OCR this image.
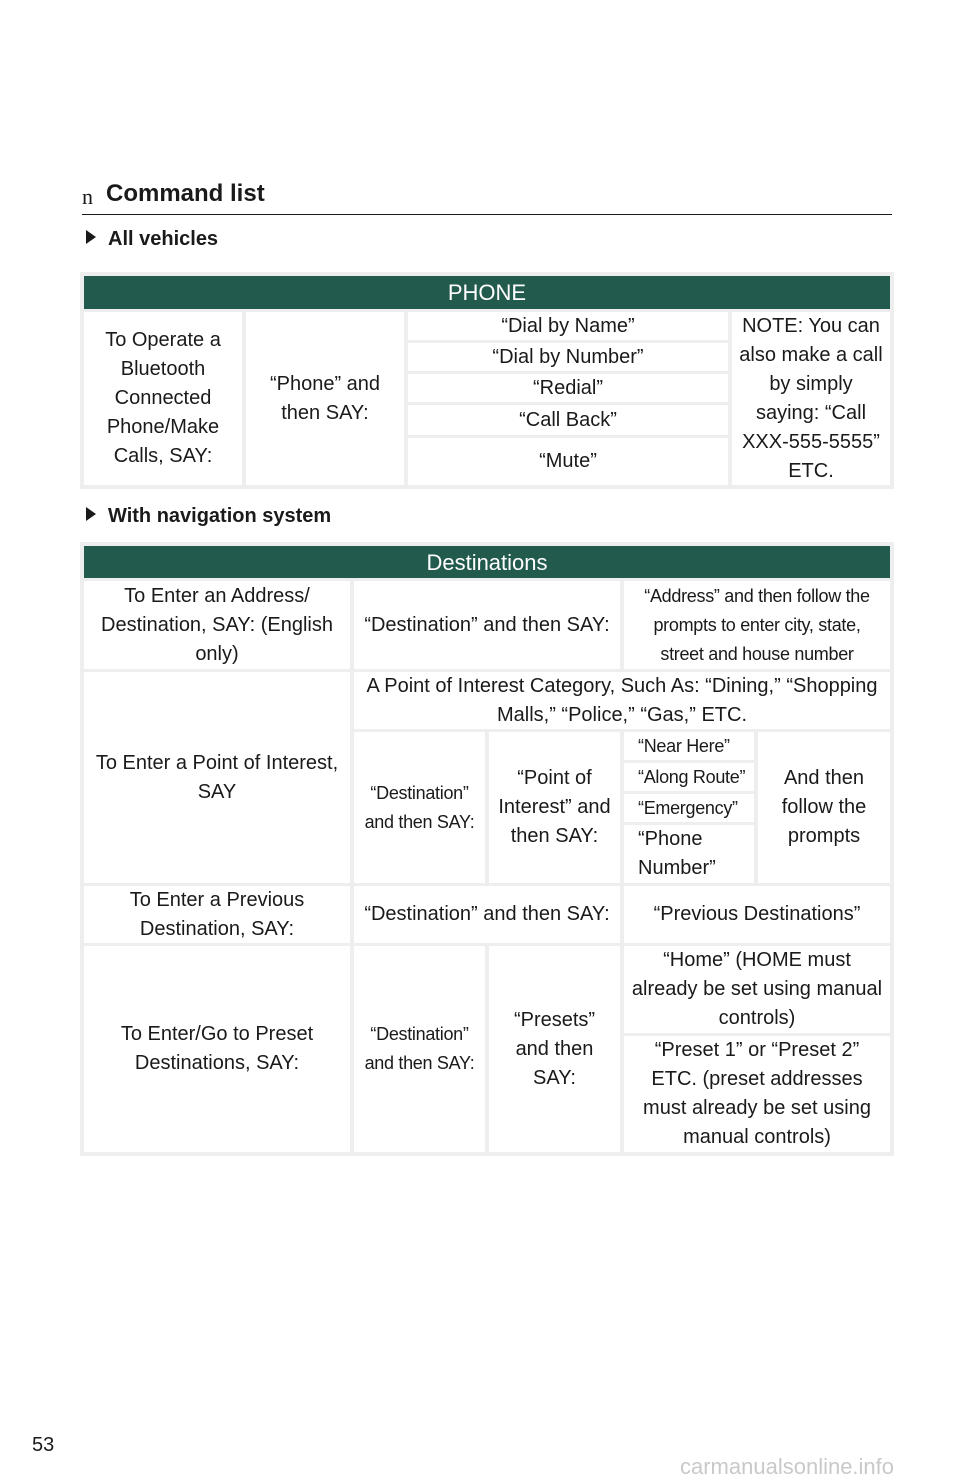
n Command list
All vehicles
PHONE
To Operate a Bluetooth Connected Phone/Make Calls, SAY:
“Phone” and then SAY:
“Dial by Name”
“Dial by Number”
“Redial”
“Call Back”
“Mute”
NOTE: You can also make a call by simply saying: “Call XXX-555-5555” ETC.
With navigation system
Destinations
To Enter an Address/ Destination, SAY: (English only)
“Destination” and then SAY:
“Address” and then follow the prompts to enter city, state, street and house number
To Enter a Point of Interest, SAY
A Point of Interest Category, Such As: “Dining,” “Shopping Malls,” “Police,” “Gas,” ETC.
“Destination” and then SAY:
“Point of Interest” and then SAY:
“Near Here”
“Along Route”
“Emergency”
“Phone Number”
And then follow the prompts
To Enter a Previous Destination, SAY:
“Destination” and then SAY:	“Previous Destinations”
To Enter/Go to Preset Destinations, SAY:
“Destination” and then SAY:
“Presets” and then SAY:
“Home” (HOME must already be set using manual controls)
“Preset 1” or “Preset 2” ETC. (preset addresses must already be set using manual controls)
53
carmanualsonline.info
